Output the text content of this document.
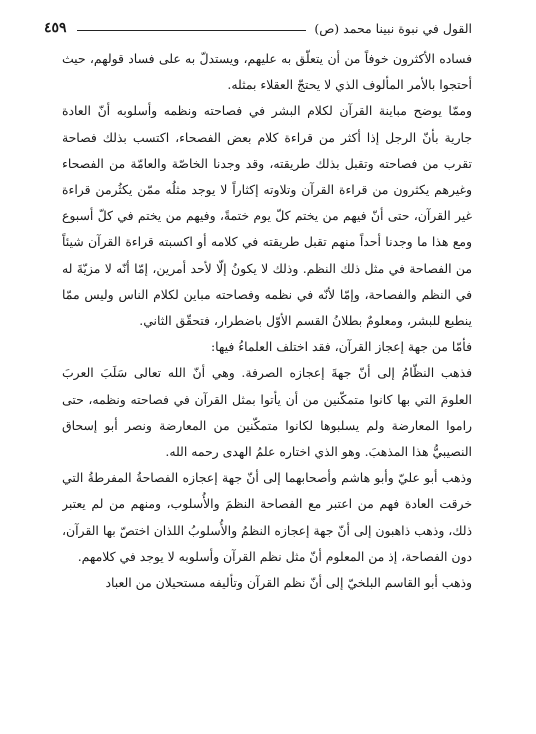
القول في نبوة نبينا محمد (ص)
٤٥٩

فساده الأكثرون خوفاً من أن يتعلّق به عليهم، ويستدلّ به على فساد قولهم، حيث أحتجوا بالأمر المألوف الذي لا يحتجّ العقلاء بمثله.

وممّا يوضح مباينة القرآن لكلام البشر في فصاحته ونظمه وأسلوبه أنّ العادة جارية بأنّ الرجل إذا أكثر من قراءة كلام بعض الفصحاء، اكتسب بذلك فصاحة تقرب من فصاحته وتقبل بذلك طريقته، وقد وجدنا الخاصّة والعامّة من الفصحاء وغيرهم يكثرون من قراءة القرآن وتلاوته إكثاراً لا يوجد مثلُه ممّن يكثُرمن قراءة غير القرآن، حتى أنّ فيهم من يختم كلّ يوم ختمةً، وفيهم من يختم في كلّ أسبوع ومع هذا ما وجدنا أحداً منهم تقبل طريقته في كلامه أو اكسبته قراءة القرآن شيئاً من الفصاحة في مثل ذلك النظم. وذلك لا يكونُ إلّا لأحد أمرين، إمّا أنّه لا مزيّةَ له في النظم والفصاحة، وإمّا لأنّه في نظمه وفصاحته مباين لكلام الناس وليس ممّا ينطبع للبشر، ومعلومٌ بطلانُ القسم الأوّل باضطرار، فتحقّق الثاني.

فأمّا من جهة إعجاز القرآن، فقد اختلف العلماءُ فيها:

فذهب النظّامُ إلى أنّ جهةَ إعجازه الصرفة. وهي أنّ الله تعالى سَلَبَ العربَ العلومَ التي بها كانوا متمكّنين من أن يأتوا بمثل القرآن في فصاحته ونظمه، حتى راموا المعارضة ولم يسلبوها لكانوا متمكّنين من المعارضة ونصر أبو إسحاق النصيبيُّ هذا المذهبَ. وهو الذي اختاره علمُ الهدى رحمه الله.

وذهب أبو عليّ وأبو هاشم وأصحابهما إلى أنّ جهة إعجازه الفصاحةُ المفرطةُ التي خرقت العادة فهم من اعتبر مع الفصاحة النظمَ والأُسلوب، ومنهم من لم يعتبر ذلك، وذهب ذاهبون إلى أنّ جهة إعجازه النظمُ والأُسلوبُ اللذان اختصّ بها القرآن، دون الفصاحة، إذ من المعلوم أنّ مثل نظم القرآن وأسلوبه لا يوجد في كلامهم.

وذهب أبو القاسم البلخيّ إلى أنّ نظم القرآن وتأليفه مستحيلان من العباد
